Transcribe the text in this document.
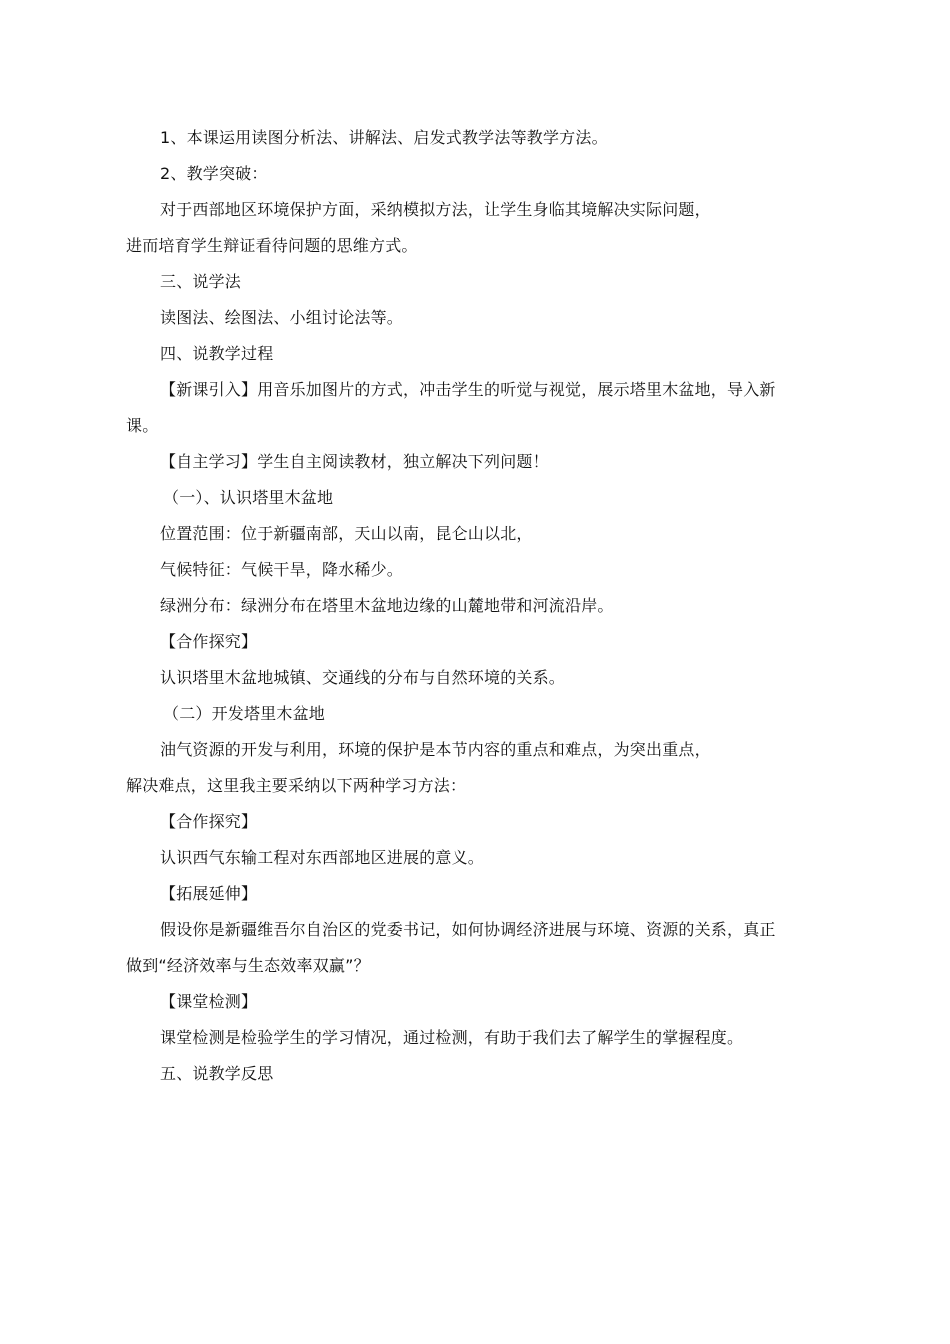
1、本课运用读图分析法、讲解法、启发式教学法等教学方法。
2、教学突破：
对于西部地区环境保护方面，采纳模拟方法，让学生身临其境解决实际问题，
进而培育学生辩证看待问题的思维方式。
三、说学法
读图法、绘图法、小组讨论法等。
四、说教学过程
【新课引入】用音乐加图片的方式，冲击学生的听觉与视觉，展示塔里木盆地，导入新
课。
【自主学习】学生自主阅读教材，独立解决下列问题！
（一）、认识塔里木盆地
位置范围：位于新疆南部，天山以南，昆仑山以北，
气候特征：气候干旱，降水稀少。
绿洲分布：绿洲分布在塔里木盆地边缘的山麓地带和河流沿岸。
【合作探究】
认识塔里木盆地城镇、交通线的分布与自然环境的关系。
（二）开发塔里木盆地
油气资源的开发与利用，环境的保护是本节内容的重点和难点，为突出重点，
解决难点，这里我主要采纳以下两种学习方法：
【合作探究】
认识西气东输工程对东西部地区进展的意义。
【拓展延伸】
假设你是新疆维吾尔自治区的党委书记，如何协调经济进展与环境、资源的关系，真正
做到“经济效率与生态效率双赢”？
【课堂检测】
课堂检测是检验学生的学习情况，通过检测，有助于我们去了解学生的掌握程度。
五、说教学反思
